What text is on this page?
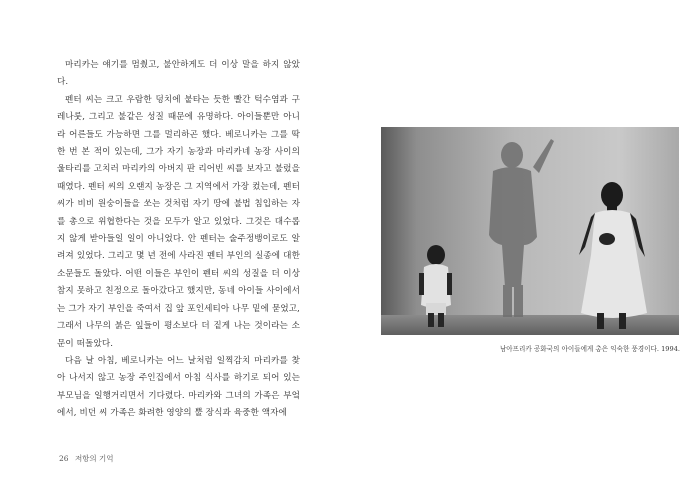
마리카는 얘기를 멈췄고, 불안하게도 더 이상 말을 하지 않았다.

펜터 씨는 크고 우람한 덩치에 붙타는 듯한 빨간 턱수염과 구레나룻, 그리고 불같은 성질 때문에 유명하다. 아이들뿐만 아니라 어른들도 가능하면 그를 멀리하곤 했다. 베로니카는 그를 딱 한 번 본 적이 있는데, 그가 자기 농장과 마리카네 농장 사이의 울타리를 고치러 마리카의 아버지 판 리어빈 씨를 보자고 불렀을 때였다. 펜터 씨의 오랜지 농장은 그 지역에서 가장 컸는데, 펜터 씨가 비비 원숭이들을 쏘는 것처럼 자기 땅에 불법 침입하는 자를 총으로 위협한다는 것을 모두가 알고 있었다. 그것은 대수롭지 않게 받아들일 일이 아니었다. 안 펜터는 술주정뱅이로도 알려져 있었다. 그리고 몇 년 전에 사라진 펜터 부인의 실종에 대한 소문들도 돌았다. 어떤 이들은 부인이 펜터 씨의 성질을 더 이상 참지 못하고 친정으로 돌아갔다고 했지만, 동네 아이들 사이에서는 그가 자기 부인을 죽여서 집 앞 포인세티아 나무 밑에 묻었고, 그래서 나무의 붉은 잎들이 평소보다 더 짙게 나는 것이라는 소문이 떠돌았다.

다음 날 아침, 베로니카는 어느 날처럼 일찍감치 마리카를 찾아 나서지 않고 농장 주인집에서 아침 식사를 하기로 되어 있는 부모님을 일행거리면서 기다렸다. 마리카와 그녀의 가족은 부엌에서, 비던 씨 가족은 화려한 영양의 뿔 장식과 육중한 액자에

26 저항의 기억
남아프리카 공화국의 아이들에게 총은 익숙한 풍경이다. 1994.
